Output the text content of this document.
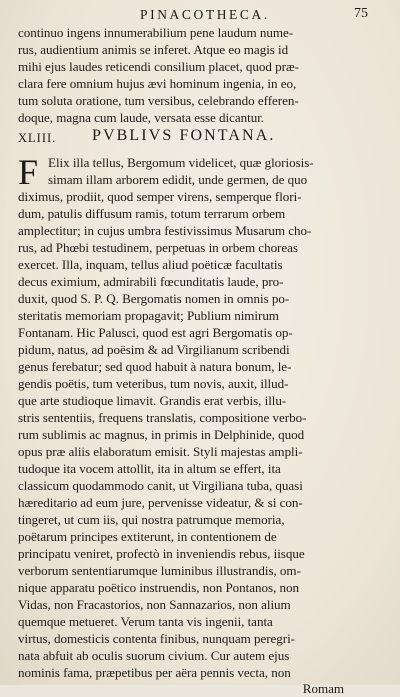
PINACOTHECA.	75
continuo ingens innumerabilium pene laudum nume-
rus, audientium animis se inferet. Atque eo magis id
mihi ejus laudes reticendi consilium placet, quod præ-
clara fere omnium hujus ævi hominum ingenia, in eo,
tum soluta oratione, tum versibus, celebrando efferen-
doque, magna cum laude, versata esse dicantur.
XLIII. PVBLIVS FONTANA.
F Elix illa tellus, Bergomum videlicet, quæ gloriosis-
simam illam arborem edidit, unde germen, de quo
diximus, prodiit, quod semper virens, semperque flori-
dum, patulis diffusum ramis, totum terrarum orbem
amplectitur; in cujus umbra festivissimus Musarum cho-
rus, ad Phœbi testudinem, perpetuas in orbem choreas
exercet. Illa, inquam, tellus aliud poëticæ facultatis
decus eximium, admirabili fœcunditatis laude, pro-
duxit, quod S. P. Q. Bergomatis nomen in omnis po-
steritatis memoriam propagavit; Publium nimirum
Fontanam. Hic Palusci, quod est agri Bergomatis op-
pidum, natus, ad poësim & ad Virgilianum scribendi
genus ferebatur; sed quod habuit à natura bonum, le-
gendis poëtis, tum veteribus, tum novis, auxit, illud-
que arte studioque limavit. Grandis erat verbis, illu-
stris sententiis, frequens translatis, compositione verbo-
rum sublimis ac magnus, in primis in Delphinide, quod
opus præ aliis elaboratum emisit. Styli majestas ampli-
tudoque ita vocem attollit, ita in altum se effert, ita
classicum quodammodo canit, ut Virgiliana tuba, quasi
hæreditario ad eum jure, pervenisse videatur, & si con-
tingeret, ut cum iis, qui nostra patrumque memoria,
poëtarum principes extiterunt, in contentionem de
principatu veniret, profectò in inveniendis rebus, iisque
verborum sententiarumque luminibus illustrandis, om-
nique apparatu poëtico instruendis, non Pontanos, non
Vidas, non Fracastorios, non Sannazarios, non alium
quemque metueret. Verum tanta vis ingenii, tanta
virtus, domesticis contenta finibus, nunquam peregri-
nata abfuit ab oculis suorum civium. Cur autem ejus
nominis fama, præpetibus per aëra pennis vecta, non
Romam
